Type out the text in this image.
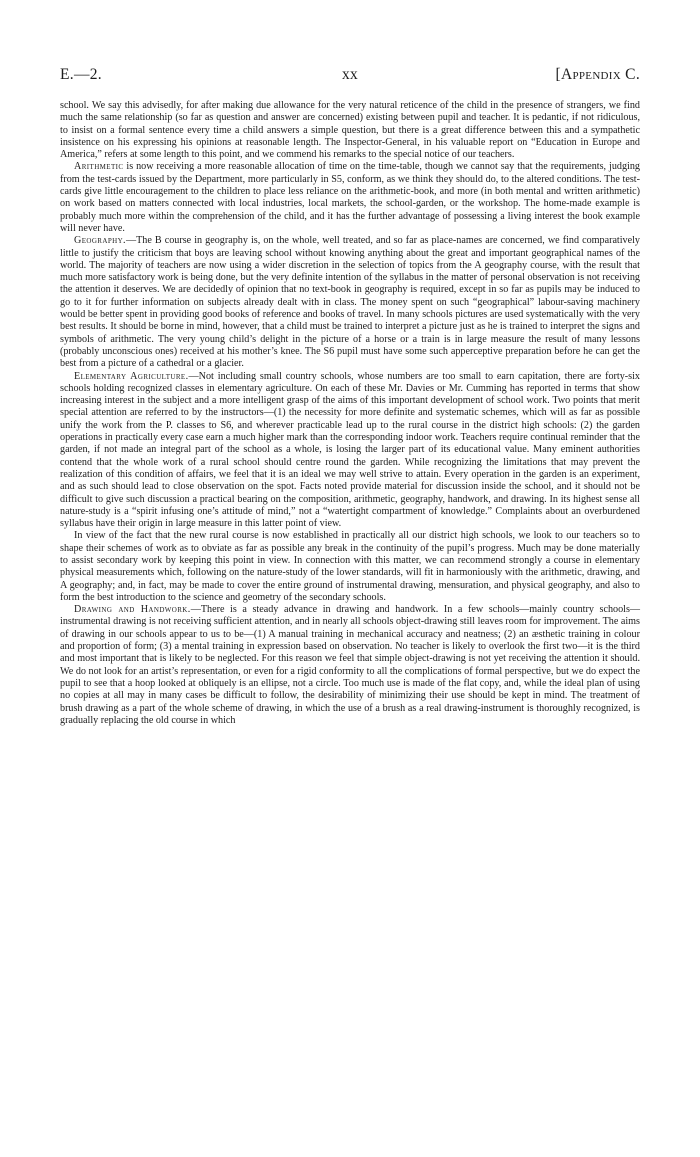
E.—2.	xx	[Appendix C.

school. We say this advisedly, for after making due allowance for the very natural reticence of the child in the presence of strangers, we find much the same relationship (so far as question and answer are concerned) existing between pupil and teacher. It is pedantic, if not ridiculous, to insist on a formal sentence every time a child answers a simple question, but there is a great difference between this and a sympathetic insistence on his expressing his opinions at reasonable length. The Inspector-General, in his valuable report on “Education in Europe and America,” refers at some length to this point, and we commend his remarks to the special notice of our teachers.

Arithmetic is now receiving a more reasonable allocation of time on the time-table, though we cannot say that the requirements, judging from the test-cards issued by the Department, more particularly in S5, conform, as we think they should do, to the altered conditions. The test-cards give little encouragement to the children to place less reliance on the arithmetic-book, and more (in both mental and written arithmetic) on work based on matters connected with local industries, local markets, the school-garden, or the workshop. The home-made example is probably much more within the comprehension of the child, and it has the further advantage of possessing a living interest the book example will never have.

Geography.—The B course in geography is, on the whole, well treated, and so far as place-names are concerned, we find comparatively little to justify the criticism that boys are leaving school without knowing anything about the great and important geographical names of the world. The majority of teachers are now using a wider discretion in the selection of topics from the A geography course, with the result that much more satisfactory work is being done, but the very definite intention of the syllabus in the matter of personal observation is not receiving the attention it deserves. We are decidedly of opinion that no text-book in geography is required, except in so far as pupils may be induced to go to it for further information on subjects already dealt with in class. The money spent on such “geographical” labour-saving machinery would be better spent in providing good books of reference and books of travel. In many schools pictures are used systematically with the very best results. It should be borne in mind, however, that a child must be trained to interpret a picture just as he is trained to interpret the signs and symbols of arithmetic. The very young child’s delight in the picture of a horse or a train is in large measure the result of many lessons (probably unconscious ones) received at his mother’s knee. The S6 pupil must have some such apperceptive preparation before he can get the best from a picture of a cathedral or a glacier.

Elementary Agriculture.—Not including small country schools, whose numbers are too small to earn capitation, there are forty-six schools holding recognized classes in elementary agriculture. On each of these Mr. Davies or Mr. Cumming has reported in terms that show increasing interest in the subject and a more intelligent grasp of the aims of this important development of school work. Two points that merit special attention are referred to by the instructors—(1) the necessity for more definite and systematic schemes, which will as far as possible unify the work from the P. classes to S6, and wherever practicable lead up to the rural course in the district high schools: (2) the garden operations in practically every case earn a much higher mark than the corresponding indoor work. Teachers require continual reminder that the garden, if not made an integral part of the school as a whole, is losing the larger part of its educational value. Many eminent authorities contend that the whole work of a rural school should centre round the garden. While recognizing the limitations that may prevent the realization of this condition of affairs, we feel that it is an ideal we may well strive to attain. Every operation in the garden is an experiment, and as such should lead to close observation on the spot. Facts noted provide material for discussion inside the school, and it should not be difficult to give such discussion a practical bearing on the composition, arithmetic, geography, handwork, and drawing. In its highest sense all nature-study is a “spirit infusing one’s attitude of mind,” not a “watertight compartment of knowledge.” Complaints about an overburdened syllabus have their origin in large measure in this latter point of view.

In view of the fact that the new rural course is now established in practically all our district high schools, we look to our teachers so to shape their schemes of work as to obviate as far as possible any break in the continuity of the pupil’s progress. Much may be done materially to assist secondary work by keeping this point in view. In connection with this matter, we can recommend strongly a course in elementary physical measurements which, following on the nature-study of the lower standards, will fit in harmoniously with the arithmetic, drawing, and A geography; and, in fact, may be made to cover the entire ground of instrumental drawing, mensuration, and physical geography, and also to form the best introduction to the science and geometry of the secondary schools.

Drawing and Handwork.—There is a steady advance in drawing and handwork. In a few schools—mainly country schools—instrumental drawing is not receiving sufficient attention, and in nearly all schools object-drawing still leaves room for improvement. The aims of drawing in our schools appear to us to be—(1) A manual training in mechanical accuracy and neatness; (2) an æsthetic training in colour and proportion of form; (3) a mental training in expression based on observation. No teacher is likely to overlook the first two—it is the third and most important that is likely to be neglected. For this reason we feel that simple object-drawing is not yet receiving the attention it should. We do not look for an artist’s representation, or even for a rigid conformity to all the complications of formal perspective, but we do expect the pupil to see that a hoop looked at obliquely is an ellipse, not a circle. Too much use is made of the flat copy, and, while the ideal plan of using no copies at all may in many cases be difficult to follow, the desirability of minimizing their use should be kept in mind. The treatment of brush drawing as a part of the whole scheme of drawing, in which the use of a brush as a real drawing-instrument is thoroughly recognized, is gradually replacing the old course in which
